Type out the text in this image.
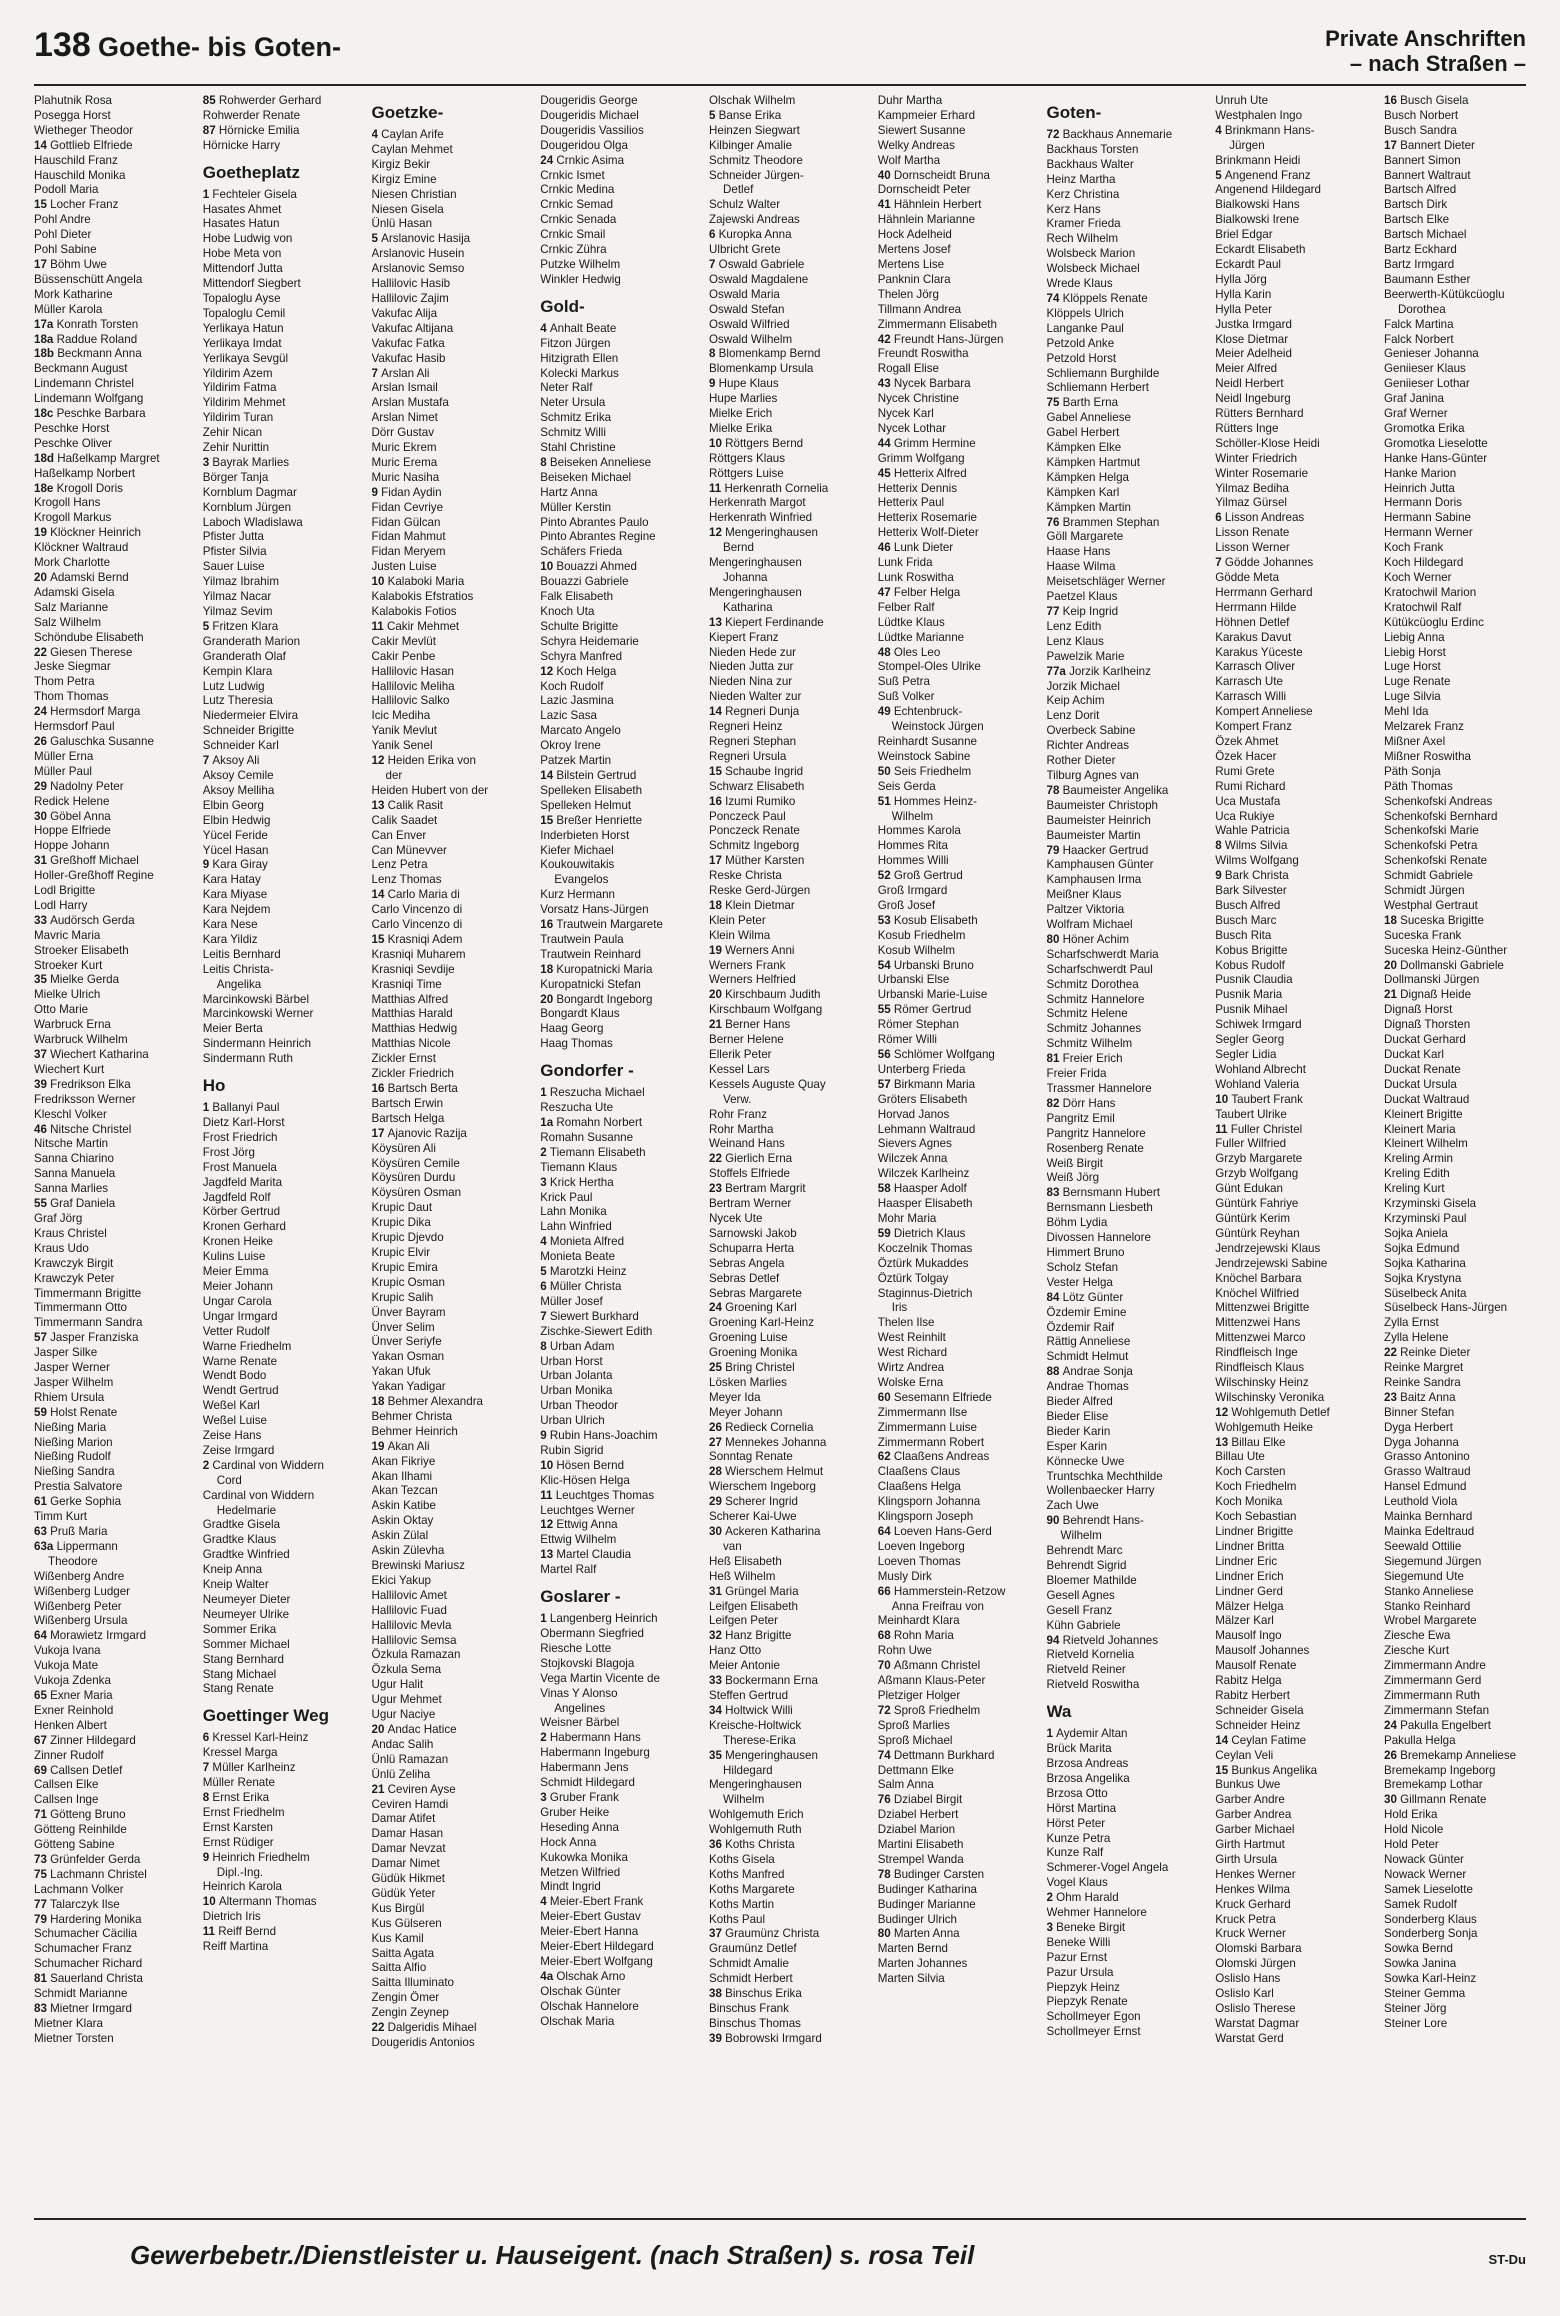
138 Goethe- bis Goten-	Private Anschriften
– nach Straßen –
Plahutnik Rosa
Posegga Horst
Wietheger Theodor
14 Gottlieb Elfriede
Hauschild Franz
Hauschild Monika
Podoll Maria
15 Locher Franz
Pohl Andre
Pohl Dieter
Pohl Sabine
17 Böhm Uwe
Büssenschütt Angela
Mork Katharine
Müller Karola
17a Konrath Torsten
18a Raddue Roland
18b Beckmann Anna
Beckmann August
Lindemann Christel
Lindemann Wolfgang
18c Peschke Barbara
Peschke Horst
Peschke Oliver
18d Haßelkamp Margret
Haßelkamp Norbert
18e Krogoll Doris
Krogoll Hans
Krogoll Markus
19 Klöckner Heinrich
Klöckner Waltraud
Mork Charlotte
20 Adamski Bernd
Adamski Gisela
Salz Marianne
Salz Wilhelm
Schöndube Elisabeth
22 Giesen Therese
Jeske Siegmar
Thom Petra
Thom Thomas
24 Hermsdorf Marga
Hermsdorf Paul
26 Galuschka Susanne
Müller Erna
Müller Paul
29 Nadolny Peter
Redick Helene
30 Göbel Anna
Hoppe Elfriede
Hoppe Johann
31 Greßhoff Michael
Holler-Greßhoff Regine
Lodl Brigitte
Lodl Harry
33 Audörsch Gerda
Mavric Maria
Stroeker Elisabeth
Stroeker Kurt
35 Mielke Gerda
Mielke Ulrich
Otto Marie
Warbruck Erna
Warbruck Wilhelm
37 Wiechert Katharina
Wiechert Kurt
39 Fredrikson Elka
Fredriksson Werner
Kleschl Volker
46 Nitsche Christel
Nitsche Martin
Sanna Chiarino
Sanna Manuela
Sanna Marlies
55 Graf Daniela
Graf Jörg
Kraus Christel
Kraus Udo
Krawczyk Birgit
Krawczyk Peter
Timmermann Brigitte
Timmermann Otto
Timmermann Sandra
57 Jasper Franziska
Jasper Silke
Jasper Werner
Jasper Wilhelm
Rhiem Ursula
59 Holst Renate
Nießing Maria
Nießing Marion
Nießing Rudolf
Nießing Sandra
Prestia Salvatore
61 Gerke Sophia
Timm Kurt
63 Pruß Maria
63a Lippermann
Theodore
Wißenberg Andre
Wißenberg Ludger
Wißenberg Peter
Wißenberg Ursula
64 Morawietz Irmgard
Vukoja Ivana
Vukoja Mate
Vukoja Zdenka
65 Exner Maria
Exner Reinhold
Henken Albert
67 Zinner Hildegard
Zinner Rudolf
69 Callsen Detlef
Callsen Elke
Callsen Inge
71 Götteng Bruno
Götteng Reinhilde
Götteng Sabine
73 Grünfelder Gerda
75 Lachmann Christel
Lachmann Volker
77 Talarczyk Ilse
79 Hardering Monika
Schumacher Cäcilia
Schumacher Franz
Schumacher Richard
81 Sauerland Christa
Schmidt Marianne
83 Mietner Irmgard
Mietner Klara
Mietner Torsten
85 Rohwerder Gerhard
Rohwerder Renate
87 Hörnicke Emilia
Hörnicke Harry
Goetheplatz
1 Fechteler Gisela
Hasates Ahmet
Hasates Hatun
Hobe Ludwig von
Hobe Meta von
Mittendorf Jutta
Mittendorf Siegbert
Topaloglu Ayse
Topaloglu Cemil
Yerlikaya Hatun
Yerlikaya Imdat
Yerlikaya Sevgül
Yildirim Azem
Yildirim Fatma
Yildirim Mehmet
Yildirim Turan
Zehir Nican
Zehir Nurittin
3 Bayrak Marlies
Börger Tanja
Kornblum Dagmar
Kornblum Jürgen
Laboch Wladislawa
Pfister Jutta
Pfister Silvia
Sauer Luise
Yilmaz Ibrahim
Yilmaz Nacar
Yilmaz Sevim
5 Fritzen Klara
Granderath Marion
Granderath Olaf
Kempin Klara
Lutz Ludwig
Lutz Theresia
Niedermeier Elvira
Schneider Brigitte
Schneider Karl
7 Aksoy Ali
Aksoy Cemile
Aksoy Melliha
Elbin Georg
Elbin Hedwig
Yücel Feride
Yücel Hasan
9 Kara Giray
Kara Hatay
Kara Miyase
Kara Nejdem
Kara Nese
Kara Yildiz
Leitis Bernhard
Leitis Christa-
Angelika
Marcinkowski Bärbel
Marcinkowski Werner
Meier Berta
Sindermann Heinrich
Sindermann Ruth
Ho
1 Ballanyi Paul
Dietz Karl-Horst
Frost Friedrich
Frost Jörg
Frost Manuela
Jagdfeld Marita
Jagdfeld Rolf
Körber Gertrud
Kronen Gerhard
Kronen Heike
Kulins Luise
Meier Emma
Meier Johann
Ungar Carola
Ungar Irmgard
Vetter Rudolf
Warne Friedhelm
Warne Renate
Wendt Bodo
Wendt Gertrud
Weßel Karl
Weßel Luise
Zeise Hans
Zeise Irmgard
2 Cardinal von Widdern
Cord
Cardinal von Widdern
Hedelmarie
Gradtke Gisela
Gradtke Klaus
Gradtke Winfried
Kneip Anna
Kneip Walter
Neumeyer Dieter
Neumeyer Ulrike
Sommer Erika
Sommer Michael
Stang Bernhard
Stang Michael
Stang Renate
Goettinger Weg
6 Kressel Karl-Heinz
Kressel Marga
7 Müller Karlheinz
Müller Renate
8 Ernst Erika
Ernst Friedhelm
Ernst Karsten
Ernst Rüdiger
9 Heinrich Friedhelm
Dipl.-Ing.
Heinrich Karola
10 Altermann Thomas
Dietrich Iris
11 Reiff Bernd
Reiff Martina
Goetzke-
4 Caylan Arife
Caylan Mehmet
Kirgiz Bekir
Kirgiz Emine
Niesen Christian
Niesen Gisela
Ünlü Hasan
5 Arslanovic Hasija
Arslanovic Husein
Arslanovic Semso
Hallilovic Hasib
Hallilovic Zajim
Vakufac Alija
Vakufac Altijana
Vakufac Fatka
Vakufac Hasib
7 Arslan Ali
Arslan Ismail
Arslan Mustafa
Arslan Nimet
Dörr Gustav
Muric Ekrem
Muric Erema
Muric Nasiha
9 Fidan Aydin
Fidan Cevriye
Fidan Gülcan
Fidan Mahmut
Fidan Meryem
Justen Luise
10 Kalaboki Maria
Kalabokis Efstratios
Kalabokis Fotios
11 Cakir Mehmet
Cakir Mevlüt
Cakir Penbe
Hallilovic Hasan
Hallilovic Meliha
Hallilovic Salko
Icic Mediha
Yanik Mevlut
Yanik Senel
12 Heiden Erika von
der
Heiden Hubert von der
13 Calik Rasit
Calik Saadet
Can Enver
Can Münevver
Lenz Petra
Lenz Thomas
14 Carlo Maria di
Carlo Vincenzo di
Carlo Vincenzo di
15 Krasniqi Adem
Krasniqi Muharem
Krasniqi Sevdije
Krasniqi Time
Matthias Alfred
Matthias Harald
Matthias Hedwig
Matthias Nicole
Zickler Ernst
Zickler Friedrich
16 Bartsch Berta
Bartsch Erwin
Bartsch Helga
17 Ajanovic Razija
Köysüren Ali
Köysüren Cemile
Köysüren Durdu
Köysüren Osman
Krupic Daut
Krupic Dika
Krupic Djevdo
Krupic Elvir
Krupic Emira
Krupic Osman
Krupic Salih
Ünver Bayram
Ünver Selim
Ünver Seriyfe
Yakan Osman
Yakan Ufuk
Yakan Yadigar
18 Behmer Alexandra
Behmer Christa
Behmer Heinrich
19 Akan Ali
Akan Fikriye
Akan Ilhami
Akan Tezcan
Askin Katibe
Askin Oktay
Askin Zülal
Askin Zülevha
Brewinski Mariusz
Ekici Yakup
Hallilovic Amet
Hallilovic Fuad
Hallilovic Mevla
Hallilovic Semsa
Özkula Ramazan
Özkula Sema
Ugur Halit
Ugur Mehmet
Ugur Naciye
20 Andac Hatice
Andac Salih
Ünlü Ramazan
Ünlü Zeliha
21 Ceviren Ayse
Ceviren Hamdi
Damar Atifet
Damar Hasan
Damar Nevzat
Damar Nimet
Güdük Hikmet
Güdük Yeter
Kus Birgül
Kus Gülseren
Kus Kamil
Saitta Agata
Saitta Alfio
Saitta Illuminato
Zengin Ömer
Zengin Zeynep
22 Dalgeridis Mihael
Dougeridis Antonios
Dougeridis George
Dougeridis Michael
Dougeridis Vassilios
Dougeridou Olga
24 Crnkic Asima
Crnkic Ismet
Crnkic Medina
Crnkic Semad
Crnkic Senada
Crnkic Smail
Crnkic Zühra
Putzke Wilhelm
Winkler Hedwig
Gold-
4 Anhalt Beate
Fitzon Jürgen
Hitzigrath Ellen
Kolecki Markus
Neter Ralf
Neter Ursula
Schmitz Erika
Schmitz Willi
Stahl Christine
8 Beiseken Anneliese
Beiseken Michael
Hartz Anna
Müller Kerstin
Pinto Abrantes Paulo
Pinto Abrantes Regine
Schäfers Frieda
10 Bouazzi Ahmed
Bouazzi Gabriele
Falk Elisabeth
Knoch Uta
Schulte Brigitte
Schyra Heidemarie
Schyra Manfred
12 Koch Helga
Koch Rudolf
Lazic Jasmina
Lazic Sasa
Marcato Angelo
Okroy Irene
Patzek Martin
14 Bilstein Gertrud
Spelleken Elisabeth
Spelleken Helmut
15 Breßer Henriette
Inderbieten Horst
Kiefer Michael
Koukouwitakis
Evangelos
Kurz Hermann
Vorsatz Hans-Jürgen
16 Trautwein Margarete
Trautwein Paula
Trautwein Reinhard
18 Kuropatnicki Maria
Kuropatnicki Stefan
20 Bongardt Ingeborg
Bongardt Klaus
Haag Georg
Haag Thomas
Gondorfer -
1 Reszucha Michael
Reszucha Ute
1a Romahn Norbert
Romahn Susanne
2 Tiemann Elisabeth
Tiemann Klaus
3 Krick Hertha
Krick Paul
Lahn Monika
Lahn Winfried
4 Monieta Alfred
Monieta Beate
5 Marotzki Heinz
6 Müller Christa
Müller Josef
7 Siewert Burkhard
Zischke-Siewert Edith
8 Urban Adam
Urban Horst
Urban Jolanta
Urban Monika
Urban Theodor
Urban Ulrich
9 Rubin Hans-Joachim
Rubin Sigrid
10 Hösen Bernd
Klic-Hösen Helga
11 Leuchtges Thomas
Leuchtges Werner
12 Ettwig Anna
Ettwig Wilhelm
13 Martel Claudia
Martel Ralf
Goslarer -
1 Langenberg Heinrich
Obermann Siegfried
Riesche Lotte
Stojkovski Blagoja
Vega Martin Vicente de
Vinas Y Alonso
Angelines
Weisner Bärbel
2 Habermann Hans
Habermann Ingeburg
Habermann Jens
Schmidt Hildegard
3 Gruber Frank
Gruber Heike
Heseding Anna
Hock Anna
Kukowka Monika
Metzen Wilfried
Mindt Ingrid
4 Meier-Ebert Frank
Meier-Ebert Gustav
Meier-Ebert Hanna
Meier-Ebert Hildegard
Meier-Ebert Wolfgang
4a Olschak Arno
Olschak Günter
Olschak Hannelore
Olschak Maria
Olschak Wilhelm
5 Banse Erika
Heinzen Siegwart
Kilbinger Amalie
Schmitz Theodore
Schneider Jürgen-
Detlef
Schulz Walter
Zajewski Andreas
6 Kuropka Anna
Ulbricht Grete
7 Oswald Gabriele
Oswald Magdalene
Oswald Maria
Oswald Stefan
Oswald Wilfried
Oswald Wilhelm
8 Blomenkamp Bernd
Blomenkamp Ursula
9 Hupe Klaus
Hupe Marlies
Mielke Erich
Mielke Erika
10 Röttgers Bernd
Röttgers Klaus
Röttgers Luise
11 Herkenrath Cornelia
Herkenrath Margot
Herkenrath Winfried
12 Mengeringhausen
Bernd
Mengeringhausen
Johanna
Mengeringhausen
Katharina
13 Kiepert Ferdinande
Kiepert Franz
Nieden Hede zur
Nieden Jutta zur
Nieden Nina zur
Nieden Walter zur
14 Regneri Dunja
Regneri Heinz
Regneri Stephan
Regneri Ursula
15 Schaube Ingrid
Schwarz Elisabeth
16 Izumi Rumiko
Ponczeck Paul
Ponczeck Renate
Schmitz Ingeborg
17 Müther Karsten
Reske Christa
Reske Gerd-Jürgen
18 Klein Dietmar
Klein Peter
Klein Wilma
19 Werners Anni
Werners Frank
Werners Helfried
20 Kirschbaum Judith
Kirschbaum Wolfgang
21 Berner Hans
Berner Helene
Ellerik Peter
Kessel Lars
Kessels Auguste Quay
Verw.
Rohr Franz
Rohr Martha
Weinand Hans
22 Gierlich Erna
Stoffels Elfriede
23 Bertram Margrit
Bertram Werner
Nycek Ute
Sarnowski Jakob
Schuparra Herta
Sebras Angela
Sebras Detlef
Sebras Margarete
24 Groening Karl
Groening Karl-Heinz
Groening Luise
Groening Monika
25 Bring Christel
Lösken Marlies
Meyer Ida
Meyer Johann
26 Redieck Cornelia
27 Mennekes Johanna
Sonntag Renate
28 Wierschem Helmut
Wierschem Ingeborg
29 Scherer Ingrid
Scherer Kai-Uwe
30 Ackeren Katharina
van
Heß Elisabeth
Heß Wilhelm
31 Grüngel Maria
Leifgen Elisabeth
Leifgen Peter
32 Hanz Brigitte
Hanz Otto
Meier Antonie
33 Bockermann Erna
Steffen Gertrud
34 Holtwick Willi
Kreische-Holtwick
Therese-Erika
35 Mengeringhausen
Hildegard
Mengeringhausen
Wilhelm
Wohlgemuth Erich
Wohlgemuth Ruth
36 Koths Christa
Koths Gisela
Koths Manfred
Koths Margarete
Koths Martin
Koths Paul
37 Graumünz Christa
Graumünz Detlef
Schmidt Amalie
Schmidt Herbert
38 Binschus Erika
Binschus Frank
Binschus Thomas
39 Bobrowski Irmgard
Duhr Martha
Kampmeier Erhard
Siewert Susanne
Welky Andreas
Wolf Martha
40 Dornscheidt Bruna
Dornscheidt Peter
41 Hähnlein Herbert
Hähnlein Marianne
Hock Adelheid
Mertens Josef
Mertens Lise
Panknin Clara
Thelen Jörg
Tillmann Andrea
Zimmermann Elisabeth
42 Freundt Hans-Jürgen
Freundt Roswitha
Rogall Elise
43 Nycek Barbara
Nycek Christine
Nycek Karl
Nycek Lothar
44 Grimm Hermine
Grimm Wolfgang
45 Hetterix Alfred
Hetterix Dennis
Hetterix Paul
Hetterix Rosemarie
Hetterix Wolf-Dieter
46 Lunk Dieter
Lunk Frida
Lunk Roswitha
47 Felber Helga
Felber Ralf
Lüdtke Klaus
Lüdtke Marianne
48 Oles Leo
Stompel-Oles Ulrike
Suß Petra
Suß Volker
49 Echtenbruck-
Weinstock Jürgen
Reinhardt Susanne
Weinstock Sabine
50 Seis Friedhelm
Seis Gerda
51 Hommes Heinz-
Wilhelm
Hommes Karola
Hommes Rita
Hommes Willi
52 Groß Gertrud
Groß Irmgard
Groß Josef
53 Kosub Elisabeth
Kosub Friedhelm
Kosub Wilhelm
54 Urbanski Bruno
Urbanski Else
Urbanski Marie-Luise
55 Römer Gertrud
Römer Stephan
Römer Willi
56 Schlömer Wolfgang
Unterberg Frieda
57 Birkmann Maria
Gröters Elisabeth
Horvad Janos
Lehmann Waltraud
Sievers Agnes
Wilczek Anna
Wilczek Karlheinz
58 Haasper Adolf
Haasper Elisabeth
Mohr Maria
59 Dietrich Klaus
Koczelnik Thomas
Öztürk Mukaddes
Öztürk Tolgay
Staginnus-Dietrich
Iris
Thelen Ilse
West Reinhilt
West Richard
Wirtz Andrea
Wolske Erna
60 Sesemann Elfriede
Zimmermann Ilse
Zimmermann Luise
Zimmermann Robert
62 Claaßens Andreas
Claaßens Claus
Claaßens Helga
Klingsporn Johanna
Klingsporn Joseph
64 Loeven Hans-Gerd
Loeven Ingeborg
Loeven Thomas
Musly Dirk
66 Hammerstein-Retzow
Anna Freifrau von
Meinhardt Klara
68 Rohn Maria
Rohn Uwe
70 Aßmann Christel
Aßmann Klaus-Peter
Pletziger Holger
72 Sproß Friedhelm
Sproß Marlies
Sproß Michael
74 Dettmann Burkhard
Dettmann Elke
Salm Anna
76 Dziabel Birgit
Dziabel Herbert
Dziabel Marion
Martini Elisabeth
Strempel Wanda
78 Budinger Carsten
Budinger Katharina
Budinger Marianne
Budinger Ulrich
80 Marten Anna
Marten Bernd
Marten Johannes
Marten Silvia
Goten-
72 Backhaus Annemarie
Backhaus Torsten
Backhaus Walter
Heinz Martha
Kerz Christina
Kerz Hans
Kramer Frieda
Rech Wilhelm
Wolsbeck Marion
Wolsbeck Michael
Wrede Klaus
74 Klöppels Renate
Klöppels Ulrich
Langanke Paul
Petzold Anke
Petzold Horst
Schliemann Burghilde
Schliemann Herbert
75 Barth Erna
Gabel Anneliese
Gabel Herbert
Kämpken Elke
Kämpken Hartmut
Kämpken Helga
Kämpken Karl
Kämpken Martin
76 Brammen Stephan
Göll Margarete
Haase Hans
Haase Wilma
Meisetschläger Werner
Paetzel Klaus
77 Keip Ingrid
Lenz Edith
Lenz Klaus
Pawelzik Marie
77a Jorzik Karlheinz
Jorzik Michael
Keip Achim
Lenz Dorit
Overbeck Sabine
Richter Andreas
Rother Dieter
Tilburg Agnes van
78 Baumeister Angelika
Baumeister Christoph
Baumeister Heinrich
Baumeister Martin
79 Haacker Gertrud
Kamphausen Günter
Kamphausen Irma
Meißner Klaus
Paltzer Viktoria
Wolfram Michael
80 Höner Achim
Scharfschwerdt Maria
Scharfschwerdt Paul
Schmitz Dorothea
Schmitz Hannelore
Schmitz Helene
Schmitz Johannes
Schmitz Wilhelm
81 Freier Erich
Freier Frida
Trassmer Hannelore
82 Dörr Hans
Pangritz Emil
Pangritz Hannelore
Rosenberg Renate
Weiß Birgit
Weiß Jörg
83 Bernsmann Hubert
Bernsmann Liesbeth
Böhm Lydia
Divossen Hannelore
Himmert Bruno
Scholz Stefan
Vester Helga
84 Lötz Günter
Özdemir Emine
Özdemir Raif
Rättig Anneliese
Schmidt Helmut
88 Andrae Sonja
Andrae Thomas
Bieder Alfred
Bieder Elise
Bieder Karin
Esper Karin
Könnecke Uwe
Truntschka Mechthilde
Wollenbaecker Harry
Zach Uwe
90 Behrendt Hans-
Wilhelm
Behrendt Marc
Behrendt Sigrid
Bloemer Mathilde
Gesell Agnes
Gesell Franz
Kühn Gabriele
94 Rietveld Johannes
Rietveld Kornelia
Rietveld Reiner
Rietveld Roswitha
Wa
1 Aydemir Altan
Brück Marita
Brzosa Andreas
Brzosa Angelika
Brzosa Otto
Hörst Martina
Hörst Peter
Kunze Petra
Kunze Ralf
Schmerer-Vogel Angela
Vogel Klaus
2 Ohm Harald
Wehmer Hannelore
3 Beneke Birgit
Beneke Willi
Pazur Ernst
Pazur Ursula
Piepzyk Heinz
Piepzyk Renate
Schollmeyer Egon
Schollmeyer Ernst
Unruh Ute
Westphalen Ingo
4 Brinkmann Hans-
Jürgen
Brinkmann Heidi
5 Angenend Franz
Angenend Hildegard
Bialkowski Hans
Bialkowski Irene
Briel Edgar
Eckardt Elisabeth
Eckardt Paul
Hylla Jörg
Hylla Karin
Hylla Peter
Justka Irmgard
Klose Dietmar
Meier Adelheid
Meier Alfred
Neidl Herbert
Neidl Ingeburg
Rütters Bernhard
Rütters Inge
Schöller-Klose Heidi
Winter Friedrich
Winter Rosemarie
Yilmaz Bediha
Yilmaz Gürsel
6 Lisson Andreas
Lisson Renate
Lisson Werner
7 Gödde Johannes
Gödde Meta
Herrmann Gerhard
Herrmann Hilde
Höhnen Detlef
Karakus Davut
Karakus Yüceste
Karrasch Oliver
Karrasch Ute
Karrasch Willi
Kompert Anneliese
Kompert Franz
Özek Ahmet
Özek Hacer
Rumi Grete
Rumi Richard
Uca Mustafa
Uca Rukiye
Wahle Patricia
8 Wilms Silvia
Wilms Wolfgang
9 Bark Christa
Bark Silvester
Busch Alfred
Busch Marc
Busch Rita
Kobus Brigitte
Kobus Rudolf
Pusnik Claudia
Pusnik Maria
Pusnik Mihael
Schiwek Irmgard
Segler Georg
Segler Lidia
Wohland Albrecht
Wohland Valeria
10 Taubert Frank
Taubert Ulrike
11 Fuller Christel
Fuller Wilfried
Grzyb Margarete
Grzyb Wolfgang
Günt Edukan
Güntürk Fahriye
Güntürk Kerim
Güntürk Reyhan
Jendrzejewski Klaus
Jendrzejewski Sabine
Knöchel Barbara
Knöchel Wilfried
Mittenzwei Brigitte
Mittenzwei Hans
Mittenzwei Marco
Rindfleisch Inge
Rindfleisch Klaus
Wilschinsky Heinz
Wilschinsky Veronika
12 Wohlgemuth Detlef
Wohlgemuth Heike
13 Billau Elke
Billau Ute
Koch Carsten
Koch Friedhelm
Koch Monika
Koch Sebastian
Lindner Brigitte
Lindner Britta
Lindner Eric
Lindner Erich
Lindner Gerd
Mälzer Helga
Mälzer Karl
Mausolf Ingo
Mausolf Johannes
Mausolf Renate
Rabitz Helga
Rabitz Herbert
Schneider Gisela
Schneider Heinz
14 Ceylan Fatime
Ceylan Veli
15 Bunkus Angelika
Bunkus Uwe
Garber Andre
Garber Andrea
Garber Michael
Girth Hartmut
Girth Ursula
Henkes Werner
Henkes Wilma
Kruck Gerhard
Kruck Petra
Kruck Werner
Olomski Barbara
Olomski Jürgen
Oslislo Hans
Oslislo Karl
Oslislo Therese
Warstat Dagmar
Warstat Gerd
16 Busch Gisela
Busch Norbert
Busch Sandra
17 Bannert Dieter
Bannert Simon
Bannert Waltraut
Bartsch Alfred
Bartsch Dirk
Bartsch Elke
Bartsch Michael
Bartz Eckhard
Bartz Irmgard
Baumann Esther
Beerwerth-Kütükcüoglu
Dorothea
Falck Martina
Falck Norbert
Genieser Johanna
Geniieser Klaus
Geniieser Lothar
Graf Janina
Graf Werner
Gromotka Erika
Gromotka Lieselotte
Hanke Hans-Günter
Hanke Marion
Heinrich Jutta
Hermann Doris
Hermann Sabine
Hermann Werner
Koch Frank
Koch Hildegard
Koch Werner
Kratochwil Marion
Kratochwil Ralf
Kütükcüoglu Erdinc
Liebig Anna
Liebig Horst
Luge Horst
Luge Renate
Luge Silvia
Mehl Ida
Melzarek Franz
Mißner Axel
Mißner Roswitha
Päth Sonja
Päth Thomas
Schenkofski Andreas
Schenkofski Bernhard
Schenkofski Marie
Schenkofski Petra
Schenkofski Renate
Schmidt Gabriele
Schmidt Jürgen
Westphal Gertraut
18 Suceska Brigitte
Suceska Frank
Suceska Heinz-Günther
20 Dollmanski Gabriele
Dollmanski Jürgen
21 Dignaß Heide
Dignaß Horst
Dignaß Thorsten
Duckat Gerhard
Duckat Karl
Duckat Renate
Duckat Ursula
Duckat Waltraud
Kleinert Brigitte
Kleinert Maria
Kleinert Wilhelm
Kreling Armin
Kreling Edith
Kreling Kurt
Krzyminski Gisela
Krzyminski Paul
Sojka Aniela
Sojka Edmund
Sojka Katharina
Sojka Krystyna
Süselbeck Anita
Süselbeck Hans-Jürgen
Zylla Ernst
Zylla Helene
22 Reinke Dieter
Reinke Margret
Reinke Sandra
23 Baitz Anna
Binner Stefan
Dyga Herbert
Dyga Johanna
Grasso Antonino
Grasso Waltraud
Hansel Edmund
Leuthold Viola
Mainka Bernhard
Mainka Edeltraud
Seewald Ottilie
Siegemund Jürgen
Siegemund Ute
Stanko Anneliese
Stanko Reinhard
Wrobel Margarete
Ziesche Ewa
Ziesche Kurt
Zimmermann Andre
Zimmermann Gerd
Zimmermann Ruth
Zimmermann Stefan
24 Pakulla Engelbert
Pakulla Helga
26 Bremekamp Anneliese
Bremekamp Ingeborg
Bremekamp Lothar
30 Gillmann Renate
Hold Erika
Hold Nicole
Hold Peter
Nowack Günter
Nowack Werner
Samek Lieselotte
Samek Rudolf
Sonderberg Klaus
Sonderberg Sonja
Sowka Bernd
Sowka Janina
Sowka Karl-Heinz
Steiner Gemma
Steiner Jörg
Steiner Lore
Gewerbebetr./Dienstleister u. Hauseigent. (nach Straßen) s. rosa Teil	ST-Du
